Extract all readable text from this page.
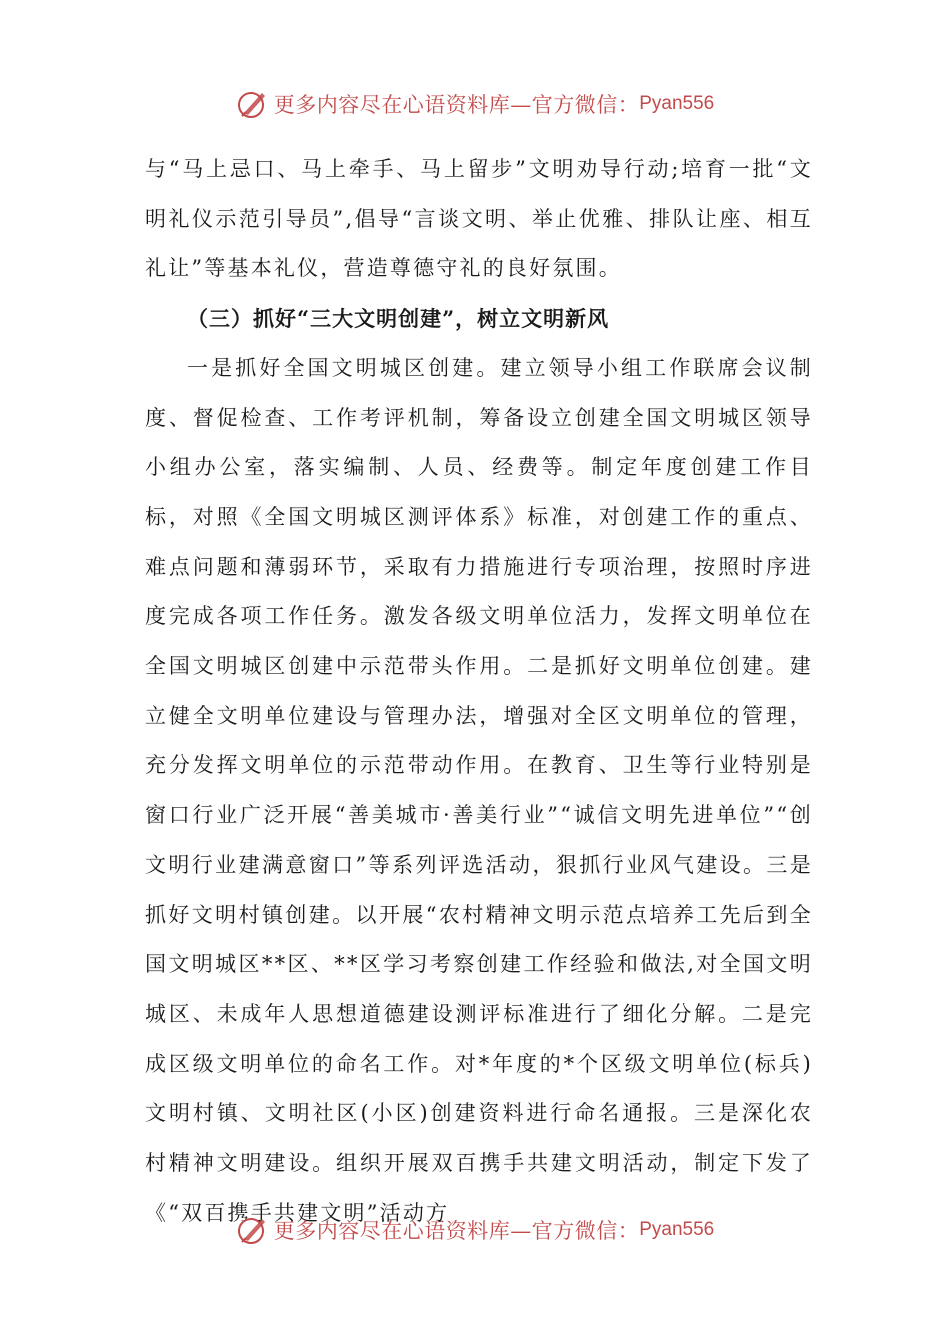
更多内容尽在心语资料库—官方微信： Pyan556

与“马上忌口、马上牵手、马上留步”文明劝导行动;培育一批“文明礼仪示范引导员”,倡导“言谈文明、举止优雅、排队让座、相互礼让”等基本礼仪，营造尊德守礼的良好氛围。

（三）抓好“三大文明创建”，树立文明新风

一是抓好全国文明城区创建。建立领导小组工作联席会议制度、督促检查、工作考评机制，筹备设立创建全国文明城区领导小组办公室，落实编制、人员、经费等。制定年度创建工作目标，对照《全国文明城区测评体系》标准，对创建工作的重点、难点问题和薄弱环节，采取有力措施进行专项治理，按照时序进度完成各项工作任务。激发各级文明单位活力，发挥文明单位在全国文明城区创建中示范带头作用。二是抓好文明单位创建。建立健全文明单位建设与管理办法，增强对全区文明单位的管理，充分发挥文明单位的示范带动作用。在教育、卫生等行业特别是窗口行业广泛开展“善美城市·善美行业”“诚信文明先进单位”“创文明行业建满意窗口”等系列评选活动，狠抓行业风气建设。三是抓好文明村镇创建。以开展“农村精神文明示范点培养工先后到全国文明城区**区、**区学习考察创建工作经验和做法,对全国文明城区、未成年人思想道德建设测评标准进行了细化分解。二是完成区级文明单位的命名工作。对*年度的*个区级文明单位(标兵)文明村镇、文明社区(小区)创建资料进行命名通报。三是深化农村精神文明建设。组织开展双百携手共建文明活动，制定下发了《“双百携手共建文明”活动方

更多内容尽在心语资料库—官方微信： Pyan556
